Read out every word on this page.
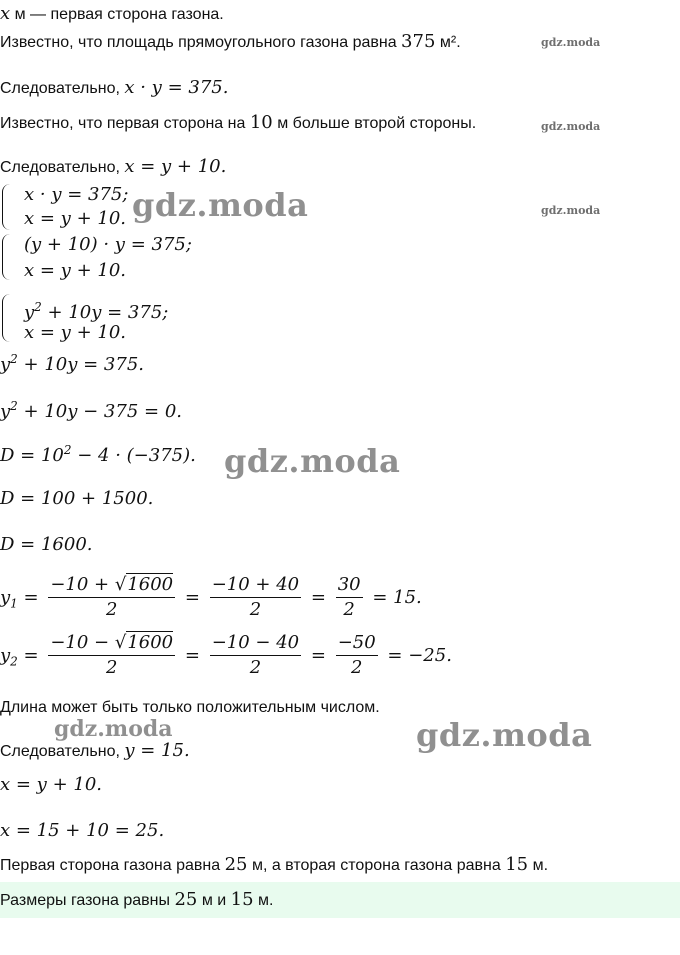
x м — первая сторона газона.
Известно, что площадь прямоугольного газона равна 375 м².	gdz.moda
Следовательно, x · y = 375.
Известно, что первая сторона на 10 м больше второй стороны.	gdz.moda
Следовательно, x = y + 10.
x · y = 375;
x = y + 10. gdz.moda	gdz.moda
(y + 10) · y = 375;
x = y + 10.
$y^2 + 10y = 375$;
x = y + 10.
$y^2 + 10y = 375$.
$y^2 + 10y - 375 = 0$.
$D = 10^2 - 4 \cdot (-375)$. gdz.moda
D = 100 + 1500.
D = 1600.
$y_1 = \frac{-10 + √1600}{2} = \frac{-10 + 40}{2} = \frac{30}{2} = 15$.
$y_2 = \frac{-10 - √1600}{2} = \frac{-10 - 40}{2} = \frac{-50}{2} = -25$.
Длина может быть только положительным числом.
gdz.moda	gdz.moda
Следовательно, y = 15.
x = y + 10.
x = 15 + 10 = 25.
Первая сторона газона равна 25 м, а вторая сторона газона равна 15 м.
Размеры газона равны 25 м и 15 м.
